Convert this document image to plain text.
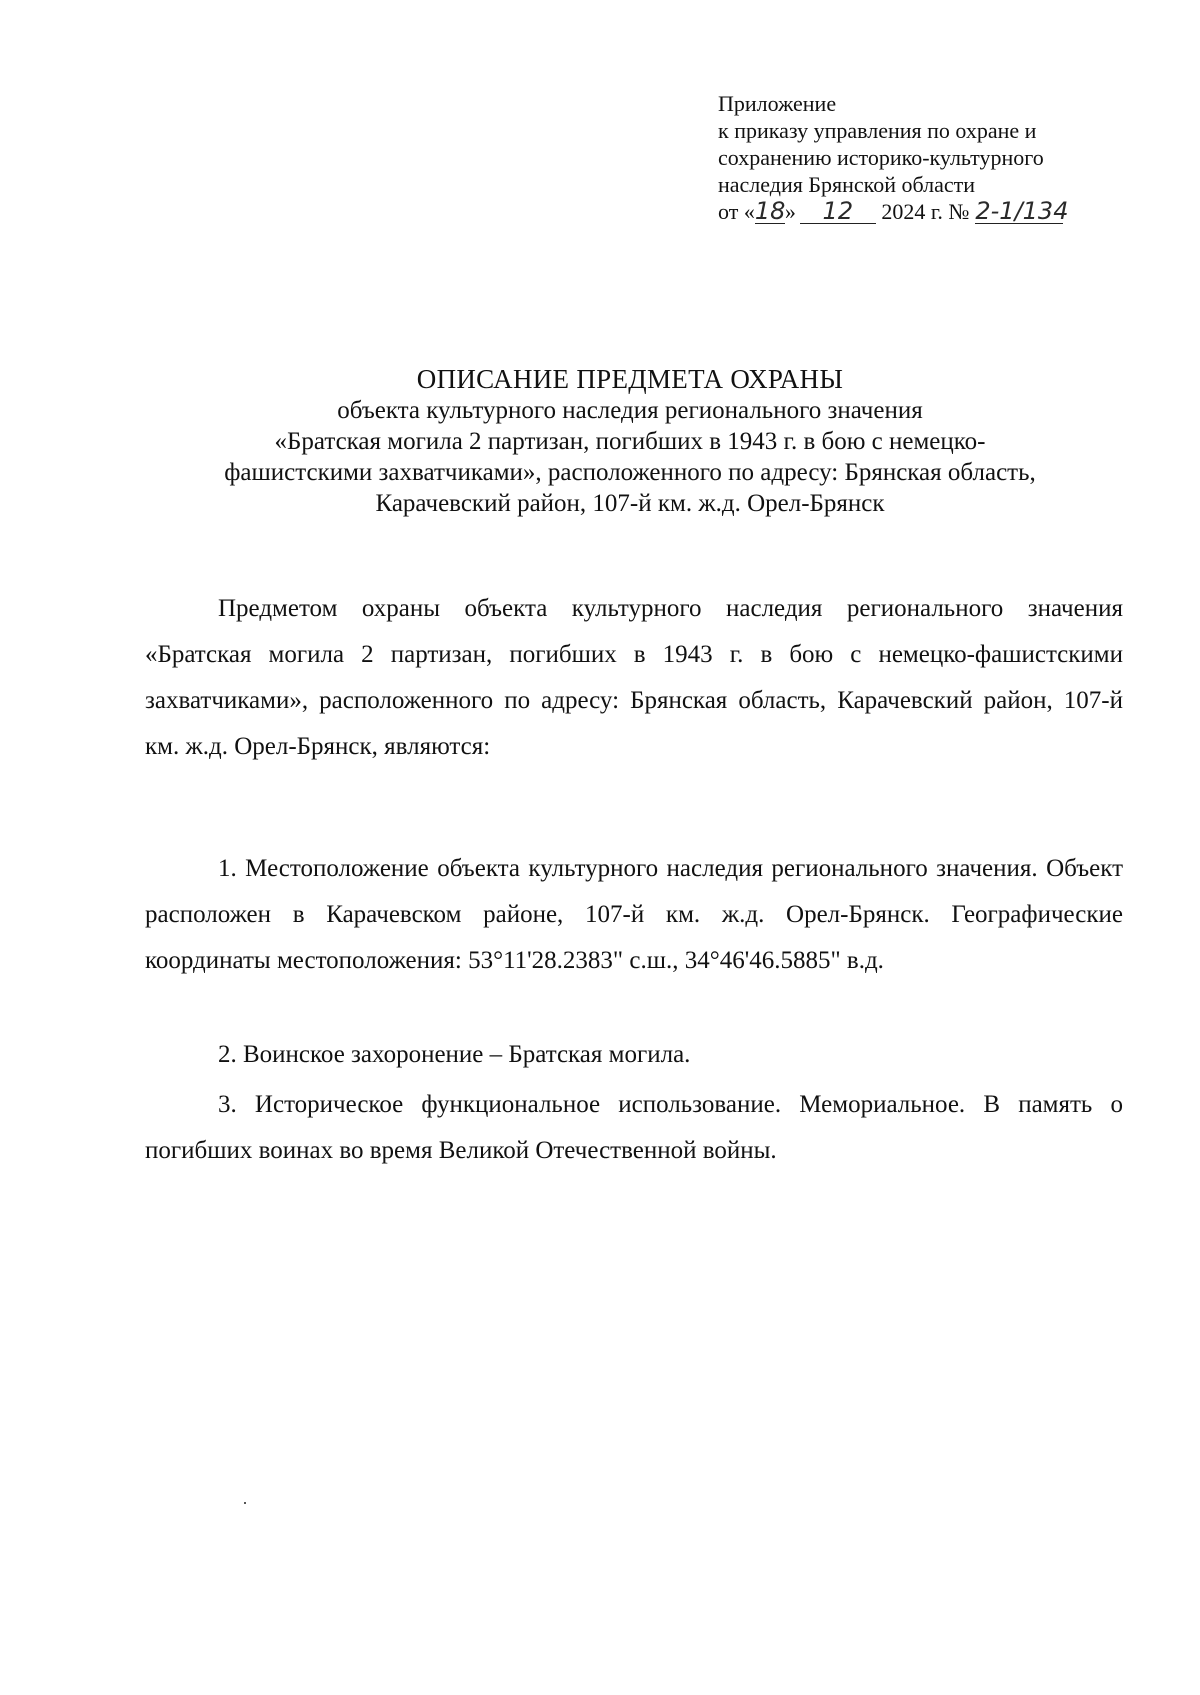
Приложение
к приказу управления по охране и
сохранению историко-культурного
наследия Брянской области
от «18» 12 2024 г. № 2-1/134
ОПИСАНИЕ ПРЕДМЕТА ОХРАНЫ
объекта культурного наследия регионального значения
«Братская могила 2 партизан, погибших в 1943 г. в бою с немецко-
фашистскими захватчиками», расположенного по адресу: Брянская область,
Карачевский район, 107-й км. ж.д. Орел-Брянск

Предметом охраны объекта культурного наследия регионального значения «Братская могила 2 партизан, погибших в 1943 г. в бою с немецко-фашистскими захватчиками», расположенного по адресу: Брянская область, Карачевский район, 107-й км. ж.д. Орел-Брянск, являются:

1. Местоположение объекта культурного наследия регионального значения. Объект расположен в Карачевском районе, 107-й км. ж.д. Орел-Брянск. Географические координаты местоположения: 53°11'28.2383" с.ш., 34°46'46.5885" в.д.

2. Воинское захоронение – Братская могила.

3. Историческое функциональное использование. Мемориальное. В память о погибших воинах во время Великой Отечественной войны.
